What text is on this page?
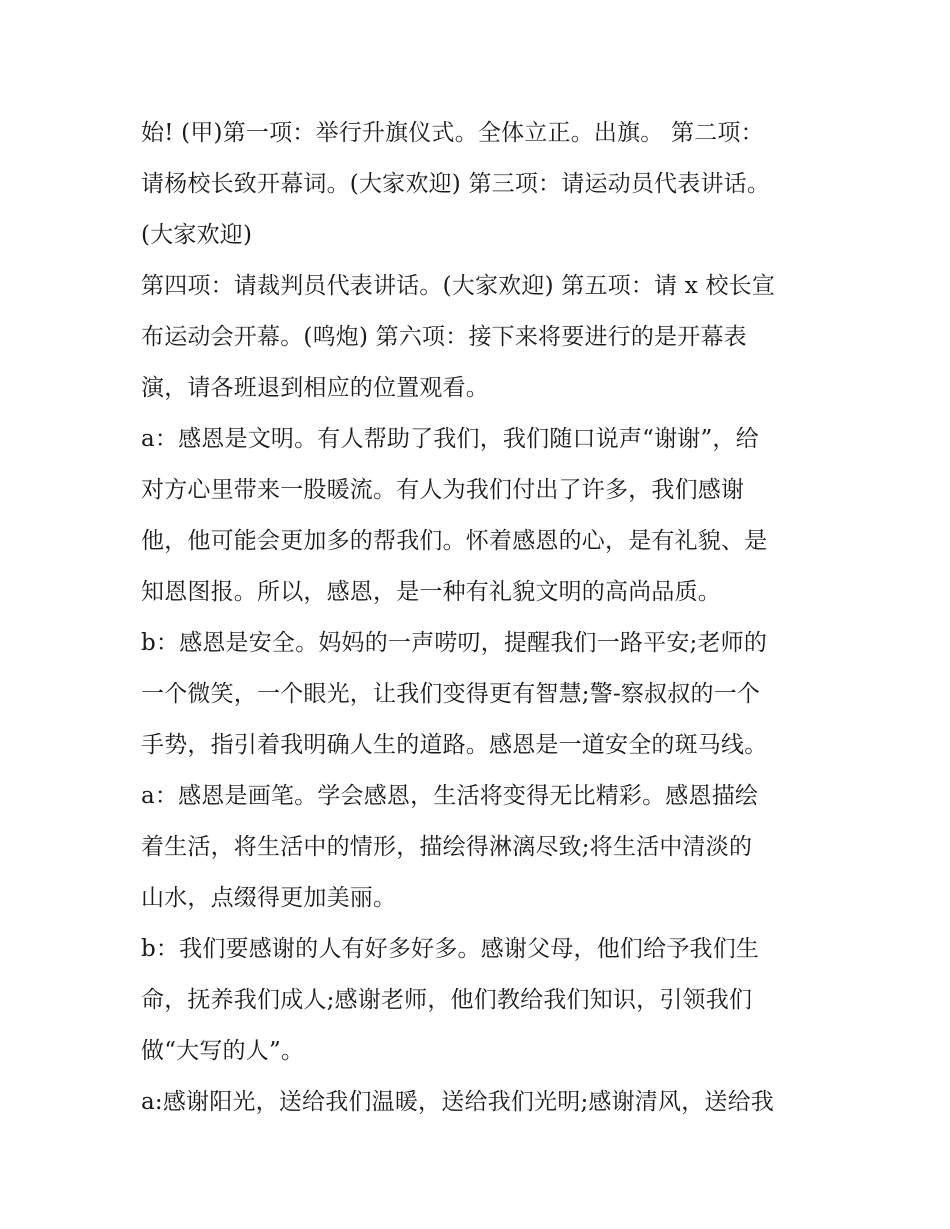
始! (甲)第一项：举行升旗仪式。全体立正。出旗。 第二项：
请杨校长致开幕词。(大家欢迎) 第三项：请运动员代表讲话。
(大家欢迎)
第四项：请裁判员代表讲话。(大家欢迎) 第五项：请 x 校长宣
布运动会开幕。(鸣炮) 第六项：接下来将要进行的是开幕表
演，请各班退到相应的位置观看。
a：感恩是文明。有人帮助了我们，我们随口说声“谢谢”，给
对方心里带来一股暖流。有人为我们付出了许多，我们感谢
他，他可能会更加多的帮我们。怀着感恩的心，是有礼貌、是
知恩图报。所以，感恩，是一种有礼貌文明的高尚品质。
b：感恩是安全。妈妈的一声唠叨，提醒我们一路平安;老师的
一个微笑，一个眼光，让我们变得更有智慧;警-察叔叔的一个
手势，指引着我明确人生的道路。感恩是一道安全的斑马线。
a：感恩是画笔。学会感恩，生活将变得无比精彩。感恩描绘
着生活，将生活中的情形，描绘得淋漓尽致;将生活中清淡的
山水，点缀得更加美丽。
b：我们要感谢的人有好多好多。感谢父母，他们给予我们生
命，抚养我们成人;感谢老师，他们教给我们知识，引领我们
做“大写的人”。
a:感谢阳光，送给我们温暖，送给我们光明;感谢清风，送给我
